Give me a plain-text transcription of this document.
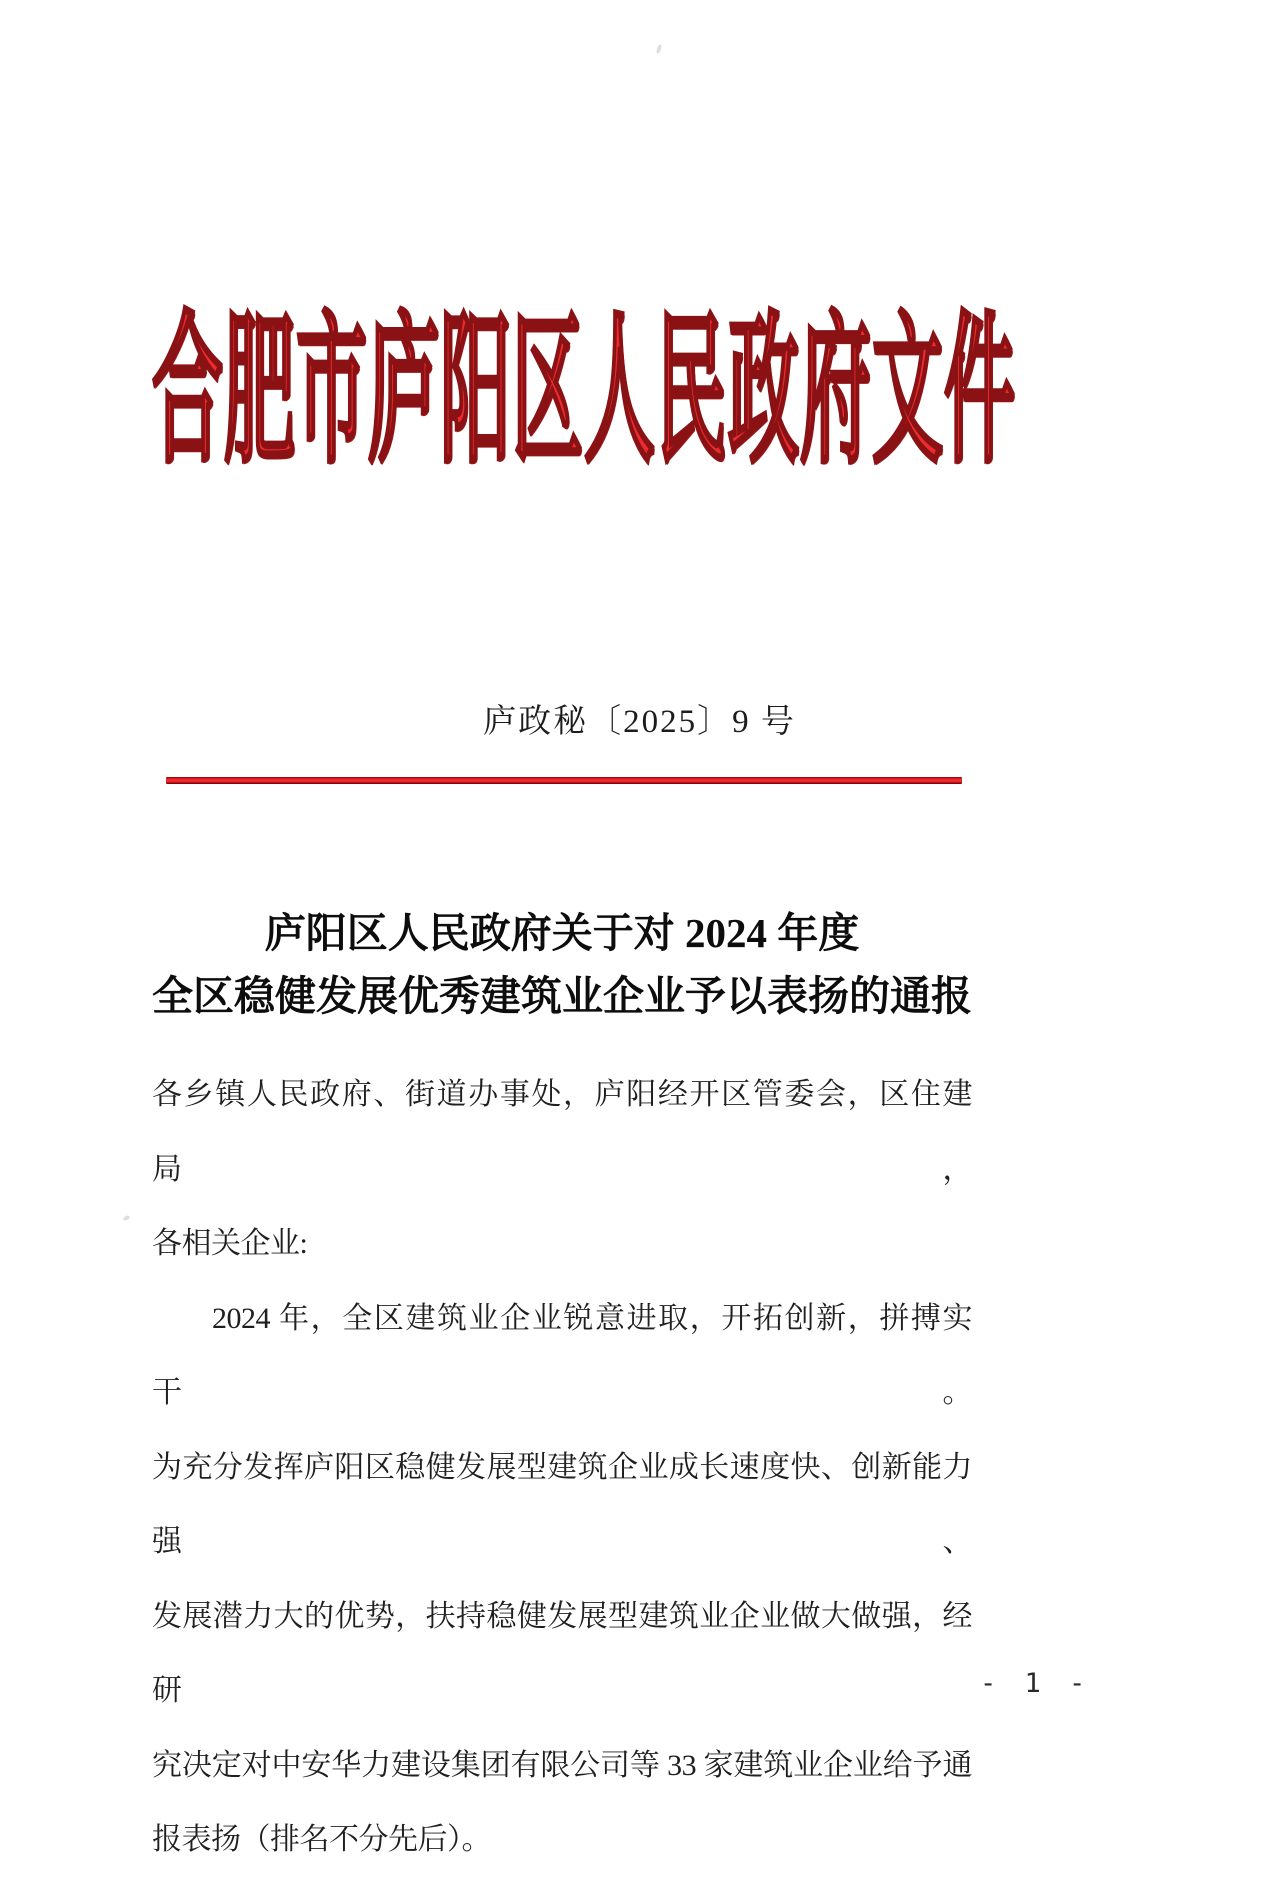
合肥市庐阳区人民政府文件
庐政秘〔2025〕9 号
庐阳区人民政府关于对 2024 年度
全区稳健发展优秀建筑业企业予以表扬的通报
各乡镇人民政府、街道办事处，庐阳经开区管委会，区住建局，
各相关企业:
2024 年，全区建筑业企业锐意进取，开拓创新，拼搏实干。
为充分发挥庐阳区稳健发展型建筑企业成长速度快、创新能力强、
发展潜力大的优势，扶持稳健发展型建筑业企业做大做强，经研
究决定对中安华力建设集团有限公司等 33 家建筑业企业给予通
报表扬（排名不分先后）。
- 1 -
